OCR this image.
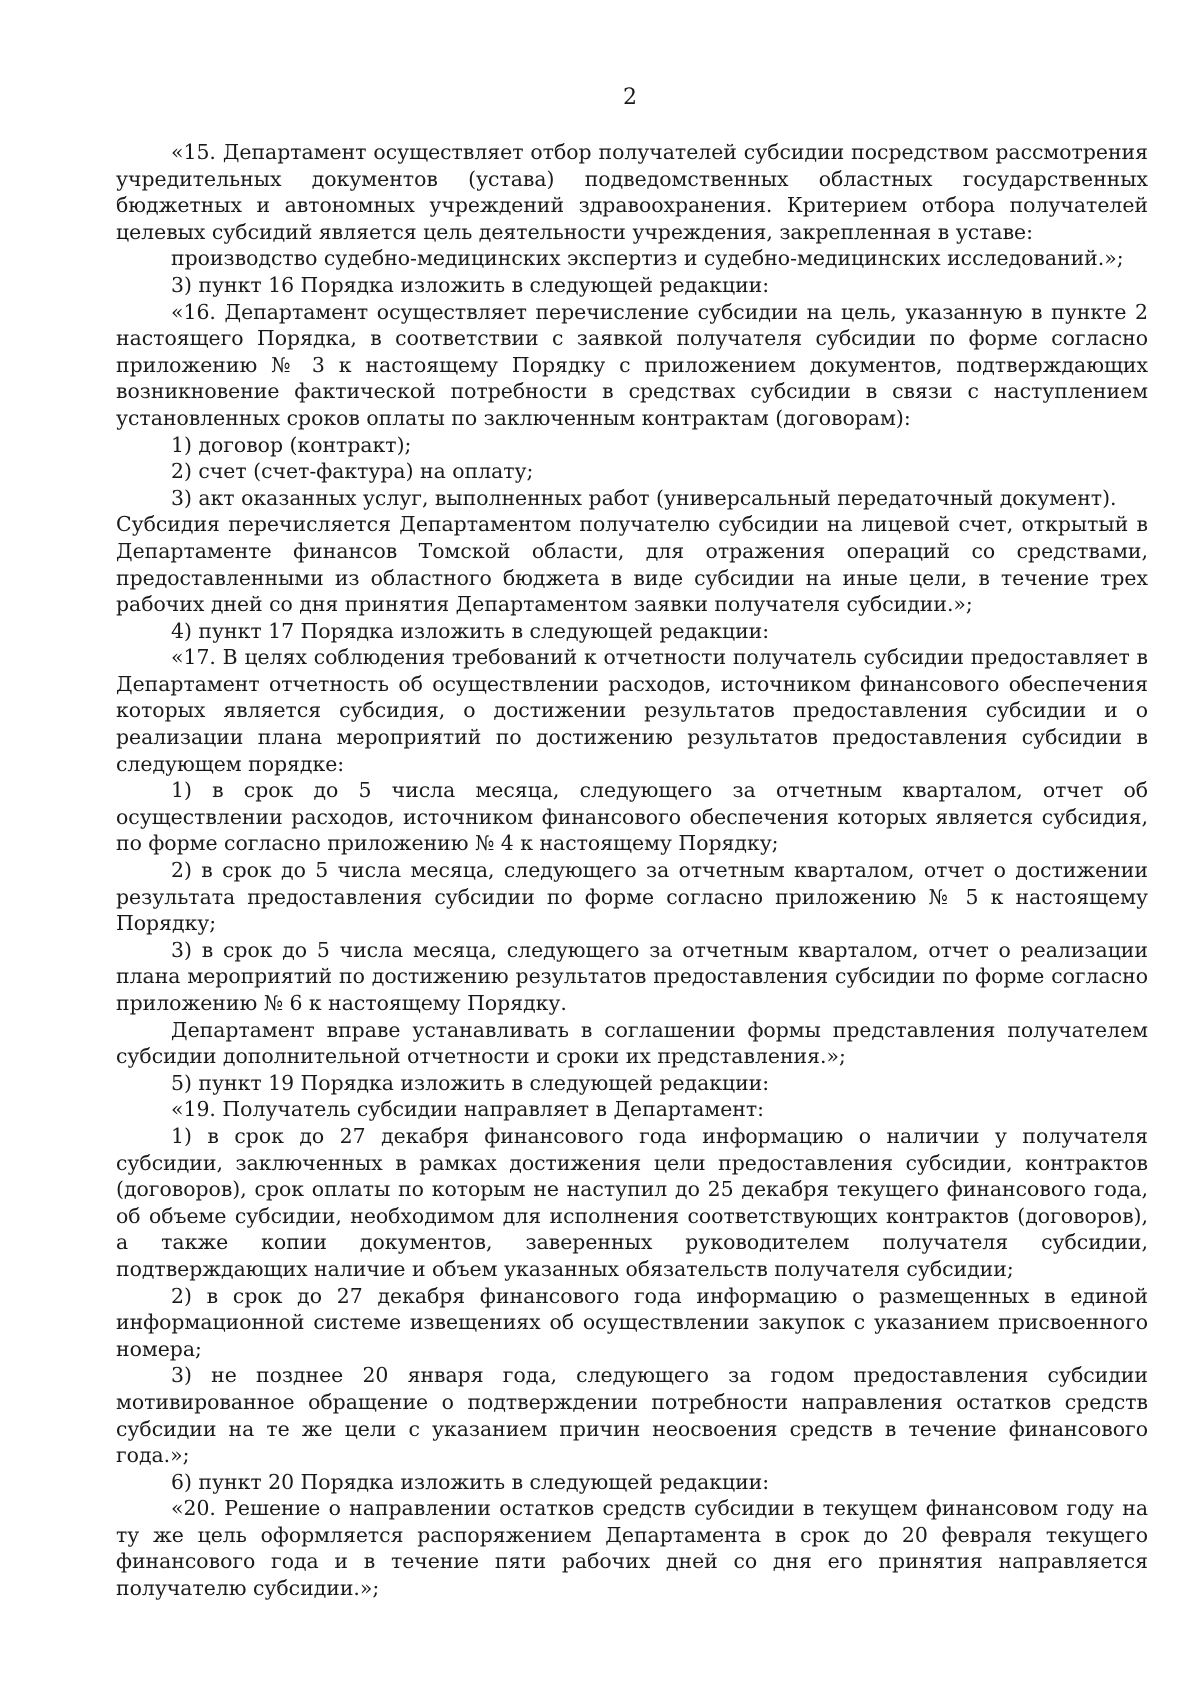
2

«15. Департамент осуществляет отбор получателей субсидии посредством рассмотрения учредительных документов (устава) подведомственных областных государственных бюджетных и автономных учреждений здравоохранения. Критерием отбора получателей целевых субсидий является цель деятельности учреждения, закрепленная в уставе:

производство судебно-медицинских экспертиз и судебно-медицинских исследований.»;

3) пункт 16 Порядка изложить в следующей редакции:

«16. Департамент осуществляет перечисление субсидии на цель, указанную в пункте 2 настоящего Порядка, в соответствии с заявкой получателя субсидии по форме согласно приложению № 3 к настоящему Порядку с приложением документов, подтверждающих возникновение фактической потребности в средствах субсидии в связи с наступлением установленных сроков оплаты по заключенным контрактам (договорам):

1) договор (контракт);

2) счет (счет-фактура) на оплату;

3) акт оказанных услуг, выполненных работ (универсальный передаточный документ).

Субсидия перечисляется Департаментом получателю субсидии на лицевой счет, открытый в Департаменте финансов Томской области, для отражения операций со средствами, предоставленными из областного бюджета в виде субсидии на иные цели, в течение трех рабочих дней со дня принятия Департаментом заявки получателя субсидии.»;

4) пункт 17 Порядка изложить в следующей редакции:

«17. В целях соблюдения требований к отчетности получатель субсидии предоставляет в Департамент отчетность об осуществлении расходов, источником финансового обеспечения которых является субсидия, о достижении результатов предоставления субсидии и о реализации плана мероприятий по достижению результатов предоставления субсидии в следующем порядке:

1) в срок до 5 числа месяца, следующего за отчетным кварталом, отчет об осуществлении расходов, источником финансового обеспечения которых является субсидия, по форме согласно приложению № 4 к настоящему Порядку;

2) в срок до 5 числа месяца, следующего за отчетным кварталом, отчет о достижении результата предоставления субсидии по форме согласно приложению № 5 к настоящему Порядку;

3) в срок до 5 числа месяца, следующего за отчетным кварталом, отчет о реализации плана мероприятий по достижению результатов предоставления субсидии по форме согласно приложению № 6 к настоящему Порядку.

Департамент вправе устанавливать в соглашении формы представления получателем субсидии дополнительной отчетности и сроки их представления.»;

5) пункт 19 Порядка изложить в следующей редакции:

«19. Получатель субсидии направляет в Департамент:

1) в срок до 27 декабря финансового года информацию о наличии у получателя субсидии, заключенных в рамках достижения цели предоставления субсидии, контрактов (договоров), срок оплаты по которым не наступил до 25 декабря текущего финансового года, об объеме субсидии, необходимом для исполнения соответствующих контрактов (договоров), а также копии документов, заверенных руководителем получателя субсидии, подтверждающих наличие и объем указанных обязательств получателя субсидии;

2) в срок до 27 декабря финансового года информацию о размещенных в единой информационной системе извещениях об осуществлении закупок с указанием присвоенного номера;

3) не позднее 20 января года, следующего за годом предоставления субсидии мотивированное обращение о подтверждении потребности направления остатков средств субсидии на те же цели с указанием причин неосвоения средств в течение финансового года.»;

6) пункт 20 Порядка изложить в следующей редакции:

«20. Решение о направлении остатков средств субсидии в текущем финансовом году на ту же цель оформляется распоряжением Департамента в срок до 20 февраля текущего финансового года и в течение пяти рабочих дней со дня его принятия направляется получателю субсидии.»;
